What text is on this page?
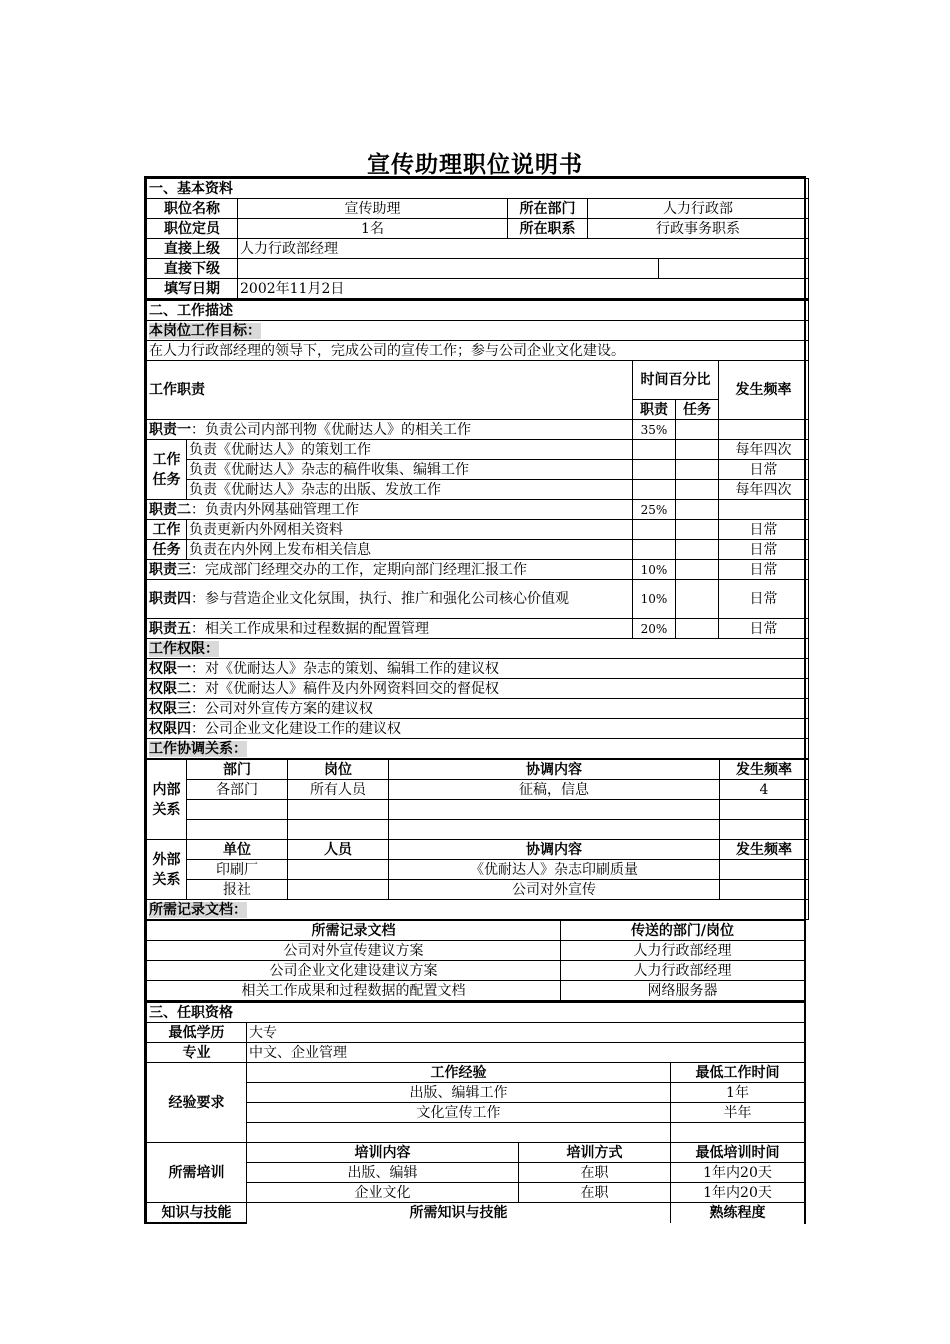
宣传助理职位说明书
一、基本资料				
职位名称	宣传助理	所在部门	人力行政部	
职位定员	1名	所在职系	行政事务职系	
直接上级	人力行政部经理			
直接下级				
填写日期	2002年11月2日			
二、工作描述				
本岗位工作目标：				
在人力行政部经理的领导下，完成公司的宣传工作；参与公司企业文化建设。				
工作职责		时间百分比		发生频率
		职责	任务	
职责一：负责公司内部刊物《优耐达人》的相关工作		35%		
工作任务	负责《优耐达人》的策划工作			每年四次
	负责《优耐达人》杂志的稿件收集、编辑工作			日常
	负责《优耐达人》杂志的出版、发放工作			每年四次
职责二：负责内外网基础管理工作		25%		
工作	负责更新内外网相关资料			日常
任务	负责在内外网上发布相关信息			日常
职责三：完成部门经理交办的工作，定期向部门经理汇报工作		10%		日常
职责四：参与营造企业文化氛围，执行、推广和强化公司核心价值观		10%		日常
职责五：相关工作成果和过程数据的配置管理		20%		日常
工作权限：				
权限一：对《优耐达人》杂志的策划、编辑工作的建议权				
权限二：对《优耐达人》稿件及内外网资料回交的督促权				
权限三：公司对外宣传方案的建议权				
权限四：公司企业文化建设工作的建议权				
工作协调关系：				
内部关系	部门	岗位	协调内容	发生频率
	各部门	所有人员	征稿，信息	4

外部关系	单位	人员	协调内容	发生频率
	印刷厂		《优耐达人》杂志印刷质量	
	报社		公司对外宣传	
所需记录文档：				
所需记录文档	传送的部门/岗位
公司对外宣传建议方案	人力行政部经理
公司企业文化建设建议方案	人力行政部经理
相关工作成果和过程数据的配置文档	网络服务器
三、任职资格			
最低学历	大专		
专业	中文、企业管理		
经验要求	工作经验		最低工作时间
	出版、编辑工作		1年
	文化宣传工作		半年

所需培训	培训内容	培训方式	最低培训时间
	出版、编辑	在职	1年内20天
	企业文化	在职	1年内20天
知识与技能	所需知识与技能		熟练程度
